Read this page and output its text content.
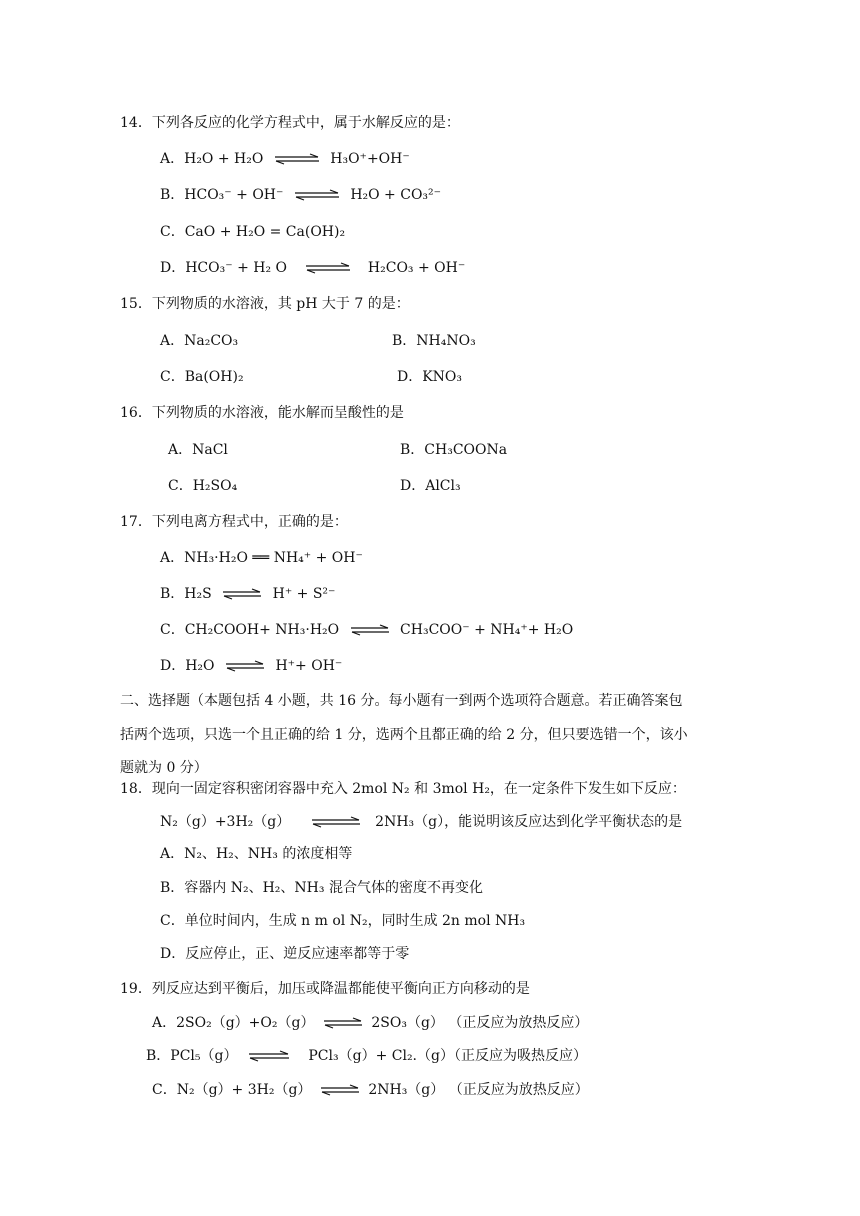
14．下列各反应的化学方程式中，属于水解反应的是：
A．H₂O + H₂O ⇌ H₃O⁺+OH⁻
B．HCO₃⁻ + OH⁻ ⇌ H₂O + CO₃²⁻
C．CaO + H₂O = Ca(OH)₂
D．HCO₃⁻ + H₂ O ⇌ H₂CO₃ + OH⁻
15．下列物质的水溶液，其 pH 大于 7 的是：
A．Na₂CO₃	B．NH₄NO₃
C．Ba(OH)₂	D．KNO₃
16．下列物质的水溶液，能水解而呈酸性的是
A．NaCl	B．CH₃COONa
C．H₂SO₄	D．AlCl₃
17．下列电离方程式中，正确的是：
A．NH₃·H₂O ══ NH₄⁺ + OH⁻
B．H₂S ⇌ H⁺ + S²⁻
C．CH₂COOH+ NH₃·H₂O ⇌ CH₃COO⁻ + NH₄⁺+ H₂O
D．H₂O ⇌ H⁺+ OH⁻
二、选择题（本题包括 4 小题，共 16 分。每小题有一到两个选项符合题意。若正确答案包
括两个选项，只选一个且正确的给 1 分，选两个且都正确的给 2 分，但只要选错一个，该小
题就为 0 分）
18．现向一固定容积密闭容器中充入 2mol N₂ 和 3mol H₂，在一定条件下发生如下反应：
N₂（g）+3H₂（g） ⇌ 2NH₃（g），能说明该反应达到化学平衡状态的是
A．N₂、H₂、NH₃ 的浓度相等
B．容器内 N₂、H₂、NH₃ 混合气体的密度不再变化
C．单位时间内，生成 n m ol N₂，同时生成 2n mol NH₃
D．反应停止，正、逆反应速率都等于零
19．列反应达到平衡后，加压或降温都能使平衡向正方向移动的是
A．2SO₂（g）+O₂（g） ⇌ 2SO₃（g） （正反应为放热反应）
B．PCl₅（g） ⇌ PCl₃（g）+ Cl₂.（g）（正反应为吸热反应）
C．N₂（g）+ 3H₂（g） ⇌ 2NH₃（g） （正反应为放热反应）
